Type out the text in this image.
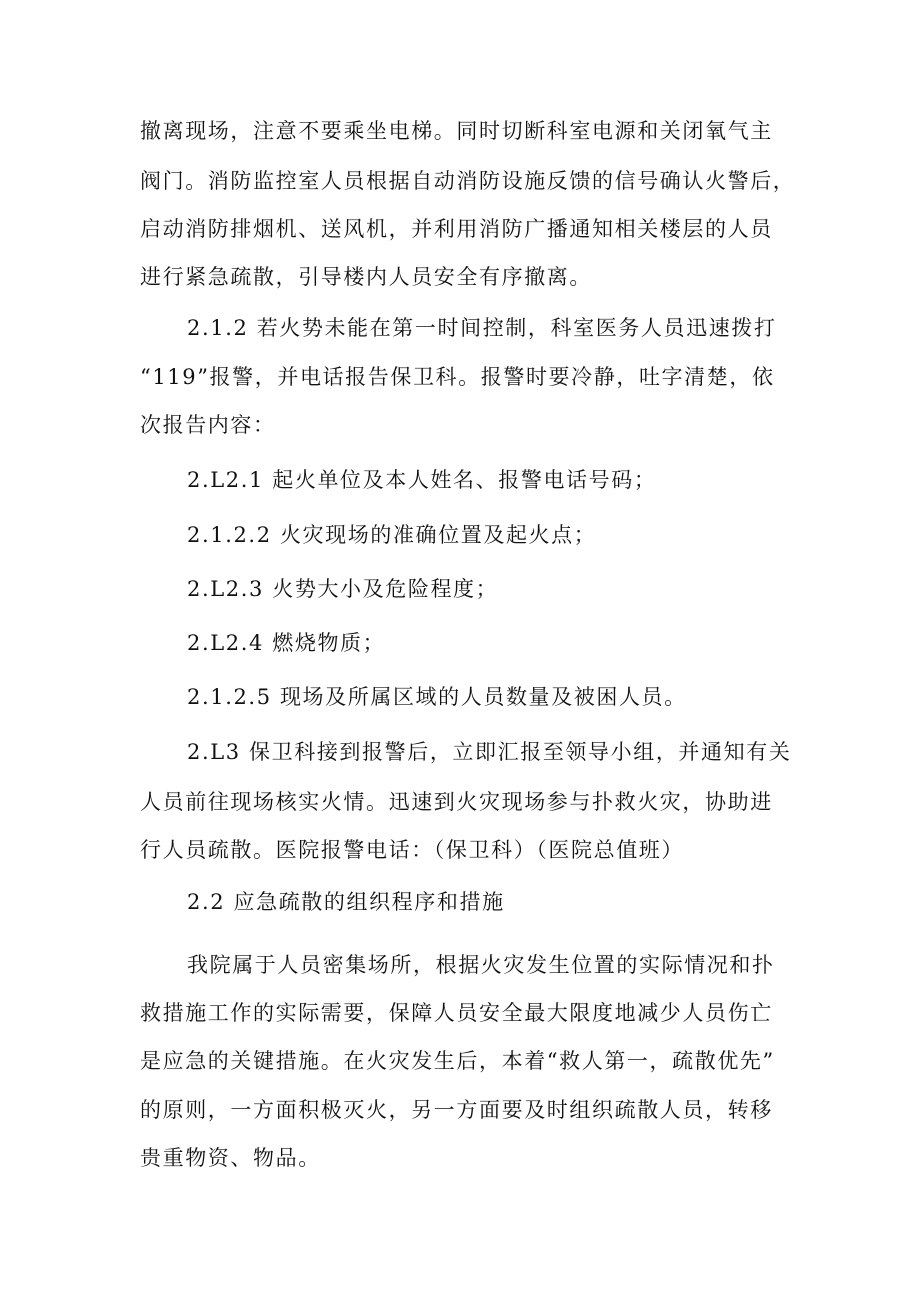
撤离现场，注意不要乘坐电梯。同时切断科室电源和关闭氧气主
阀门。消防监控室人员根据自动消防设施反馈的信号确认火警后，
启动消防排烟机、送风机，并利用消防广播通知相关楼层的人员
进行紧急疏散，引导楼内人员安全有序撤离。
2.1.2 若火势未能在第一时间控制，科室医务人员迅速拨打
“119”报警，并电话报告保卫科。报警时要冷静，吐字清楚，依
次报告内容：
2.L2.1 起火单位及本人姓名、报警电话号码；
2.1.2.2 火灾现场的准确位置及起火点；
2.L2.3 火势大小及危险程度；
2.L2.4 燃烧物质；
2.1.2.5 现场及所属区域的人员数量及被困人员。
2.L3 保卫科接到报警后，立即汇报至领导小组，并通知有关
人员前往现场核实火情。迅速到火灾现场参与扑救火灾，协助进
行人员疏散。医院报警电话：（保卫科）（医院总值班）
2.2 应急疏散的组织程序和措施
我院属于人员密集场所，根据火灾发生位置的实际情况和扑
救措施工作的实际需要，保障人员安全最大限度地减少人员伤亡
是应急的关键措施。在火灾发生后，本着“救人第一，疏散优先”
的原则，一方面积极灭火，另一方面要及时组织疏散人员，转移
贵重物资、物品。
